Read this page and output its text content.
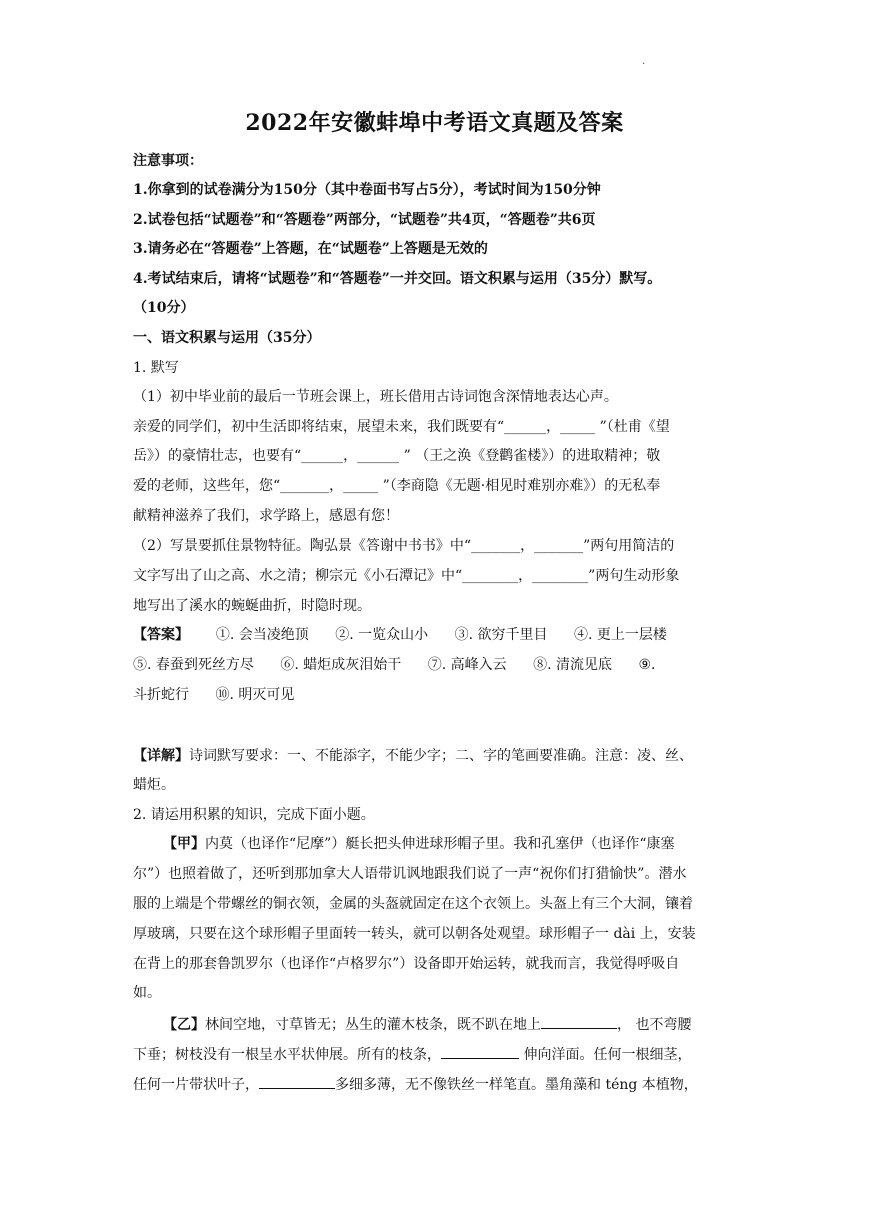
.
2022年安徽蚌埠中考语文真题及答案
注意事项：
1.你拿到的试卷满分为150分（其中卷面书写占5分），考试时间为150分钟
2.试卷包括“试题卷”和“答题卷”两部分，“试题卷”共4页，“答题卷”共6页
3.请务必在“答题卷”上答题，在“试题卷”上答题是无效的
4.考试结束后，请将“试题卷”和“答题卷”一并交回。语文积累与运用（35分）默写。
（10分）
一、语文积累与运用（35分）
1. 默写
（1）初中毕业前的最后一节班会课上，班长借用古诗词饱含深情地表达心声。
亲爱的同学们，初中生活即将结束，展望未来，我们既要有“______，_____ ”（杜甫《望
岳》）的豪情壮志，也要有“______，______ ” （王之涣《登鹳雀楼》）的进取精神；敬
爱的老师，这些年，您“_______，_____ ”（李商隐《无题·相见时难别亦难》）的无私奉
献精神滋养了我们，求学路上，感恩有您！
（2）写景要抓住景物特征。陶弘景《答谢中书书》中“_______，_______”两句用简洁的
文字写出了山之高、水之清；柳宗元《小石潭记》中“________，________”两句生动形象
地写出了溪水的蜿蜒曲折，时隐时现。
【答案】 ①. 会当凌绝顶 ②. 一览众山小 ③. 欲穷千里目 ④. 更上一层楼
⑤. 春蚕到死丝方尽 ⑥. 蜡炬成灰泪始干 ⑦. 高峰入云 ⑧. 清流见底 ⑨.
斗折蛇行 ⑩. 明灭可见
【详解】诗词默写要求：一、不能添字，不能少字；二、字的笔画要准确。注意：凌、丝、
蜡炬。
2. 请运用积累的知识，完成下面小题。
【甲】内莫（也译作“尼摩”）艇长把头伸进球形帽子里。我和孔塞伊（也译作“康塞
尔”）也照着做了，还听到那加拿大人语带讥讽地跟我们说了一声“祝你们打猎愉快”。潜水
服的上端是个带螺丝的铜衣领，金属的头盔就固定在这个衣领上。头盔上有三个大洞，镶着
厚玻璃，只要在这个球形帽子里面转一转头，就可以朝各处观望。球形帽子一 dài 上，安装
在背上的那套鲁凯罗尔（也译作“卢格罗尔”）设备即开始运转，就我而言，我觉得呼吸自
如。
【乙】林间空地，寸草皆无；丛生的灌木枝条，既不趴在地上	， 也不弯腰
下垂；树枝没有一根呈水平状伸展。所有的枝条，	伸向洋面。任何一根细茎，
任何一片带状叶子，	多细多薄，无不像铁丝一样笔直。墨角藻和 téng 本植物，
